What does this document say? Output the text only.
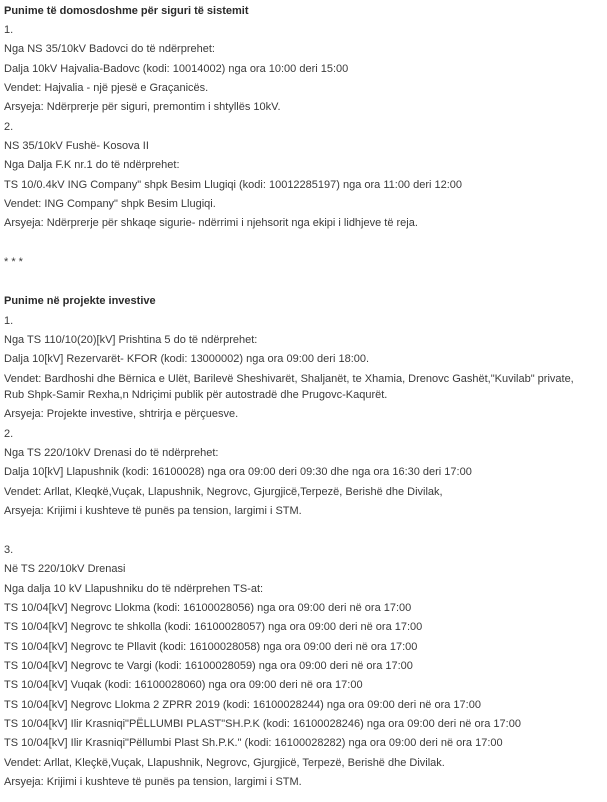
Punime të domosdoshme për siguri të sistemit
1.
Nga NS 35/10kV Badovci do të ndërprehet:
Dalja 10kV Hajvalia-Badovc (kodi: 10014002) nga ora 10:00 deri 15:00
Vendet: Hajvalia - një pjesë e Graçanicës.
Arsyeja: Ndërprerje për siguri, premontim i shtyllës 10kV.
2.
NS 35/10kV Fushë- Kosova II
Nga Dalja F.K nr.1 do të ndërprehet:
TS 10/0.4kV ING Company" shpk Besim Llugiqi (kodi: 10012285197) nga ora 11:00 deri 12:00
Vendet: ING Company" shpk Besim Llugiqi.
Arsyeja: Ndërprerje për shkaqe sigurie- ndërrimi i njehsorit nga ekipi i lidhjeve të reja.
* * *
Punime në projekte investive
1.
Nga TS 110/10(20)[kV] Prishtina 5 do të ndërprehet:
Dalja 10[kV] Rezervarët- KFOR (kodi: 13000002) nga ora 09:00 deri 18:00.
Vendet: Bardhoshi dhe Bërnica e Ulët, Barilevë Sheshivarët, Shaljanët, te Xhamia, Drenovc Gashët,"Kuvilab" private,
Rub Shpk-Samir Rexha,n Ndriçimi publik për autostradë dhe Prugovc-Kaqurët.
Arsyeja: Projekte investive, shtrirja e përçuesve.
2.
Dalja 10[kV] Llapushnik (kodi: 16100028) nga ora 09:00 deri 09:30 dhe nga ora 16:30 deri 17:00
Nga TS 220/10kV Drenasi do të ndërprehet:
Vendet: Arllat, Kleqkë,Vuçak, Llapushnik, Negrovc, Gjurgjicë,Terpezë, Berishë dhe Divilak,
Arsyeja: Krijimi i kushteve të punës pa tension, largimi i STM.
3.
Në TS 220/10kV Drenasi
Nga dalja 10 kV Llapushniku do të ndërprehen TS-at:
TS 10/04[kV] Negrovc Llokma (kodi: 16100028056) nga ora 09:00 deri në ora 17:00
TS 10/04[kV] Negrovc te shkolla (kodi: 16100028057) nga ora 09:00 deri në ora 17:00
TS 10/04[kV] Negrovc te Pllavit (kodi: 16100028058) nga ora 09:00 deri në ora 17:00
TS 10/04[kV] Negrovc te Vargi (kodi: 16100028059) nga ora 09:00 deri në ora 17:00
TS 10/04[kV] Vuqak (kodi: 16100028060) nga ora 09:00 deri në ora 17:00
TS 10/04[kV] Negrovc Llokma 2 ZPRR 2019 (kodi: 16100028244) nga ora 09:00 deri në ora 17:00
TS 10/04[kV] Ilir Krasniqi"PËLLUMBI PLAST"SH.P.K (kodi: 16100028246) nga ora 09:00 deri në ora 17:00
TS 10/04[kV] Ilir Krasniqi"Pëllumbi Plast Sh.P.K." (kodi: 16100028282) nga ora 09:00 deri në ora 17:00
Vendet: Arllat, Kleçkë,Vuçak, Llapushnik, Negrovc, Gjurgjicë, Terpezë, Berishë dhe Divilak.
Arsyeja: Krijimi i kushteve të punës pa tension, largimi i STM.
